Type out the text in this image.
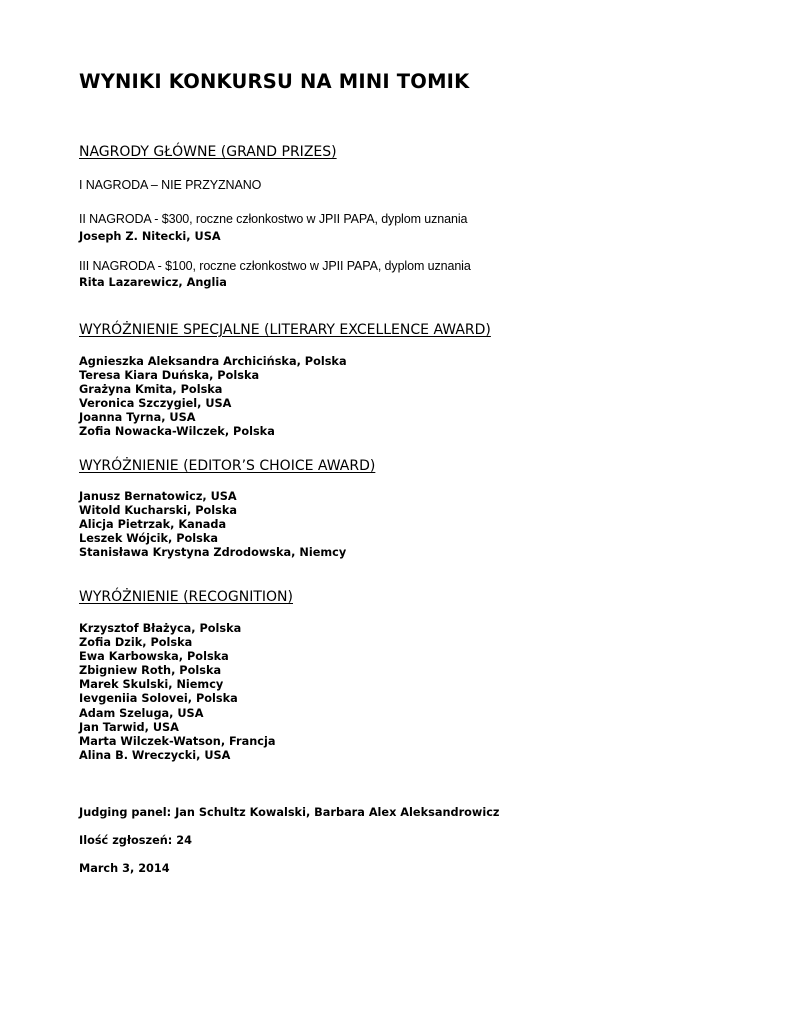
WYNIKI KONKURSU NA MINI TOMIK
NAGRODY GŁÓWNE (GRAND PRIZES)
I NAGRODA – NIE PRZYZNANO
II NAGRODA - $300, roczne członkostwo w JPII PAPA, dyplom uznania
Joseph Z. Nitecki, USA
III NAGRODA - $100, roczne członkostwo w JPII PAPA, dyplom uznania
Rita Lazarewicz, Anglia
WYRÓŻNIENIE SPECJALNE (LITERARY EXCELLENCE AWARD)
Agnieszka Aleksandra Archicińska, Polska
Teresa Kiara Duńska, Polska
Grażyna Kmita, Polska
Veronica Szczygiel, USA
Joanna Tyrna, USA
Zofia Nowacka-Wilczek, Polska
WYRÓŻNIENIE (EDITOR’S CHOICE AWARD)
Janusz Bernatowicz, USA
Witold Kucharski, Polska
Alicja Pietrzak, Kanada
Leszek Wójcik, Polska
Stanisława Krystyna Zdrodowska, Niemcy
WYRÓŻNIENIE (RECOGNITION)
Krzysztof Błażyca, Polska
Zofia Dzik, Polska
Ewa Karbowska, Polska
Zbigniew Roth, Polska
Marek Skulski, Niemcy
Ievgeniia Solovei, Polska
Adam Szeluga, USA
Jan Tarwid, USA
Marta Wilczek-Watson, Francja
Alina B. Wreczycki, USA
Judging panel: Jan Schultz Kowalski, Barbara Alex Aleksandrowicz
Ilość zgłoszeń: 24
March 3, 2014
